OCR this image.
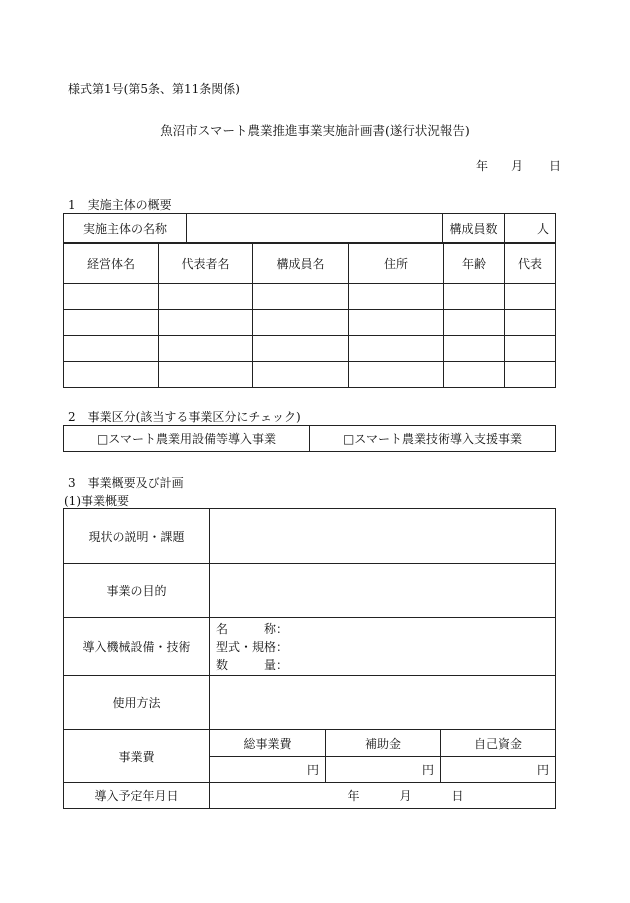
様式第1号(第5条、第11条関係)
魚沼市スマート農業推進事業実施計画書(遂行状況報告)
年 月 日
1　実施主体の概要
実施主体の名称		構成員数	人
経営体名	代表者名	構成員名	住所	年齢	代表

2　事業区分(該当する事業区分にチェック)
□スマート農業用設備等導入事業	□スマート農業技術導入支援事業
3　事業概要及び計画
(1)事業概要
現状の説明・課題			
事業の目的			
導入機械設備・技術	名　　　称：
型式・規格：
数　　　量：		

使用方法			
事業費	総事業費	補助金	自己資金
	円	円	円
導入予定年月日	年 月 日		
